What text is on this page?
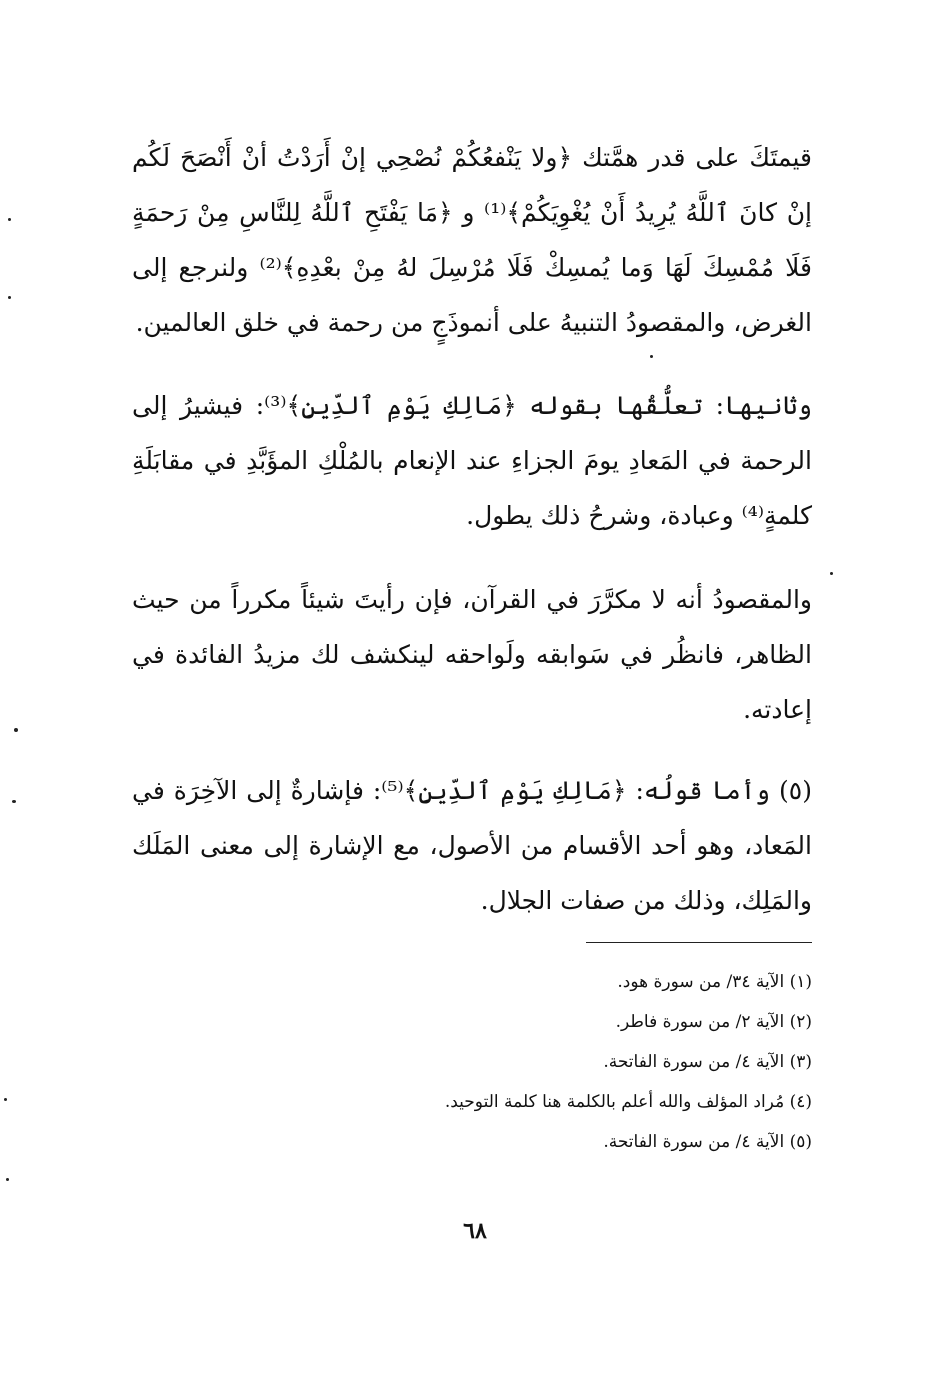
قيمتَكَ على قدر همَّتك ﴿ولا يَنْفعُكُمْ نُصْحِي إنْ أَرَدْتُ أنْ أَنْصَحَ لَكُم إنْ كانَ ٱللَّهُ يُرِيدُ أَنْ يُغْوِيَكُمْ﴾⁽¹⁾ و ﴿مَا يَفْتَحِ ٱللَّهُ لِلنَّاسِ مِنْ رَحمَةٍ فَلَا مُمْسِكَ لَهَا وَما يُمسِكْ فَلَا مُرْسِلَ لهُ مِنْ بعْدِهِ﴾⁽²⁾ ولنرجع إلى الغرض، والمقصودُ التنبيهُ على أنموذَجٍ من رحمة في خلق العالمين.

وثانيها: تعلُّقُها بقوله ﴿مَالِكِ يَوْمِ ٱلدِّينِ﴾⁽³⁾: فيشيرُ إلى الرحمة في المَعادِ يومَ الجزاءِ عند الإنعام بالمُلْكِ المؤَبَّدِ في مقابَلَةِ كلمةٍ⁽⁴⁾ وعبادة، وشرحُ ذلك يطول.

والمقصودُ أنه لا مكرَّرَ في القرآن، فإن رأيتَ شيئاً مكرراً من حيث الظاهر، فانظُر في سَوابقه ولَواحقه لينكشف لك مزيدُ الفائدة في إعادته.

(٥) وأما قولُه: ﴿مَالِكِ يَوْمِ ٱلدِّينِ﴾⁽⁵⁾: فإشارةٌ إلى الآخِرَة في المَعاد، وهو أحد الأقسام من الأصول، مع الإشارة إلى معنى المَلَك والمَلِك، وذلك من صفات الجلال.

(١) الآية ٣٤/ من سورة هود.
(٢) الآية ٢/ من سورة فاطر.
(٣) الآية ٤/ من سورة الفاتحة.
(٤) مُراد المؤلف والله أعلم بالكلمة هنا كلمة التوحيد.
(٥) الآية ٤/ من سورة الفاتحة.
٦٨
